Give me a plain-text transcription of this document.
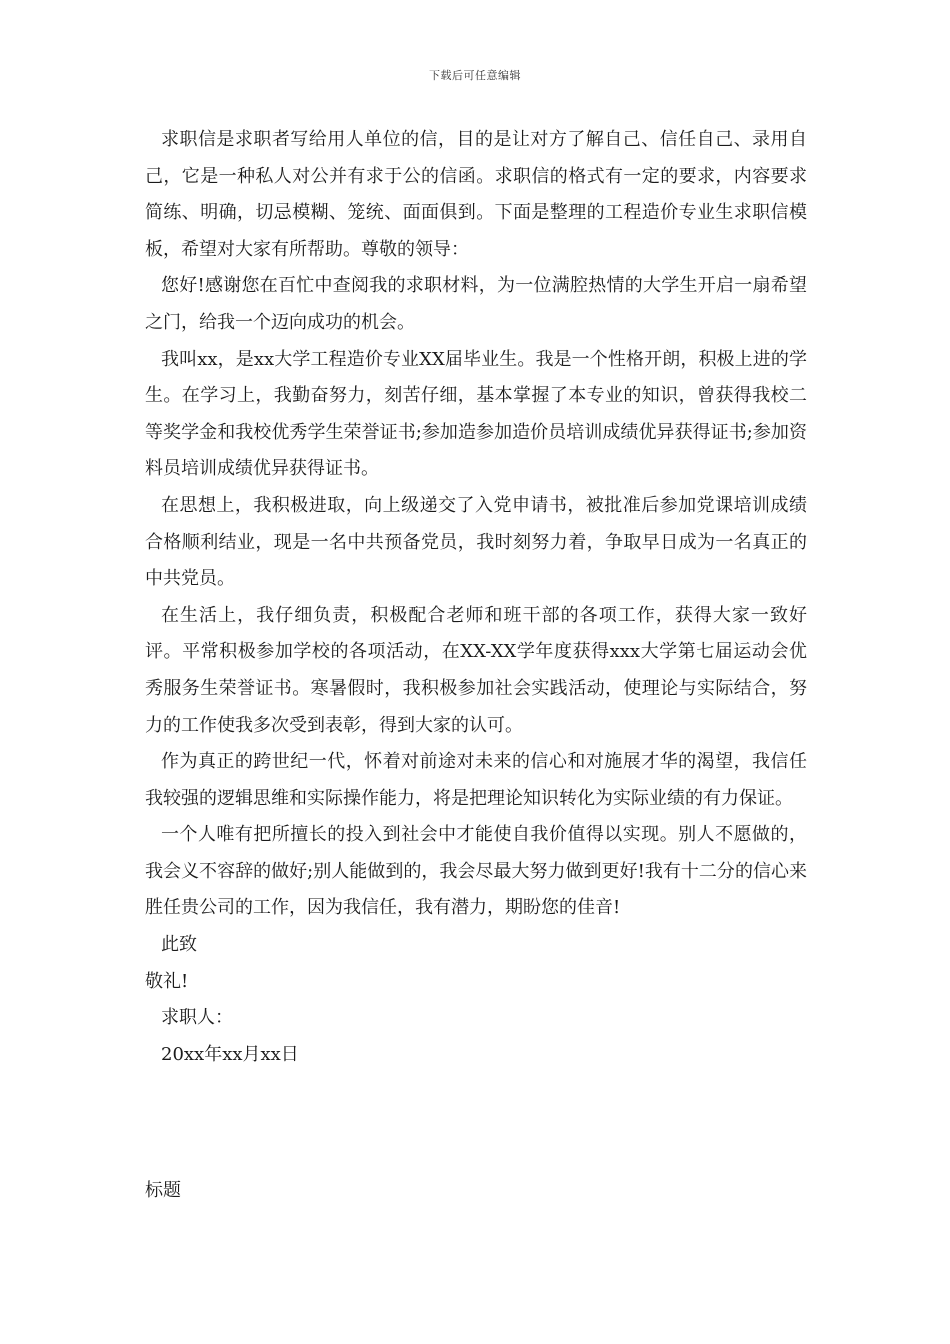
下载后可任意编辑

求职信是求职者写给用人单位的信，目的是让对方了解自己、信任自己、录用自己，它是一种私人对公并有求于公的信函。求职信的格式有一定的要求，内容要求简练、明确，切忌模糊、笼统、面面俱到。下面是整理的工程造价专业生求职信模板，希望对大家有所帮助。尊敬的领导：

您好!感谢您在百忙中查阅我的求职材料，为一位满腔热情的大学生开启一扇希望之门，给我一个迈向成功的机会。

我叫xx，是xx大学工程造价专业XX届毕业生。我是一个性格开朗，积极上进的学生。在学习上，我勤奋努力，刻苦仔细，基本掌握了本专业的知识，曾获得我校二等奖学金和我校优秀学生荣誉证书;参加造参加造价员培训成绩优异获得证书;参加资料员培训成绩优异获得证书。

在思想上，我积极进取，向上级递交了入党申请书，被批准后参加党课培训成绩合格顺利结业，现是一名中共预备党员，我时刻努力着，争取早日成为一名真正的中共党员。

在生活上，我仔细负责，积极配合老师和班干部的各项工作，获得大家一致好评。平常积极参加学校的各项活动，在XX-XX学年度获得xxx大学第七届运动会优秀服务生荣誉证书。寒暑假时，我积极参加社会实践活动，使理论与实际结合，努力的工作使我多次受到表彰，得到大家的认可。

作为真正的跨世纪一代，怀着对前途对未来的信心和对施展才华的渴望，我信任我较强的逻辑思维和实际操作能力，将是把理论知识转化为实际业绩的有力保证。

一个人唯有把所擅长的投入到社会中才能使自我价值得以实现。别人不愿做的，我会义不容辞的做好;别人能做到的，我会尽最大努力做到更好!我有十二分的信心来胜任贵公司的工作，因为我信任，我有潜力，期盼您的佳音!

此致

敬礼!

求职人：

20xx年xx月xx日

标题
